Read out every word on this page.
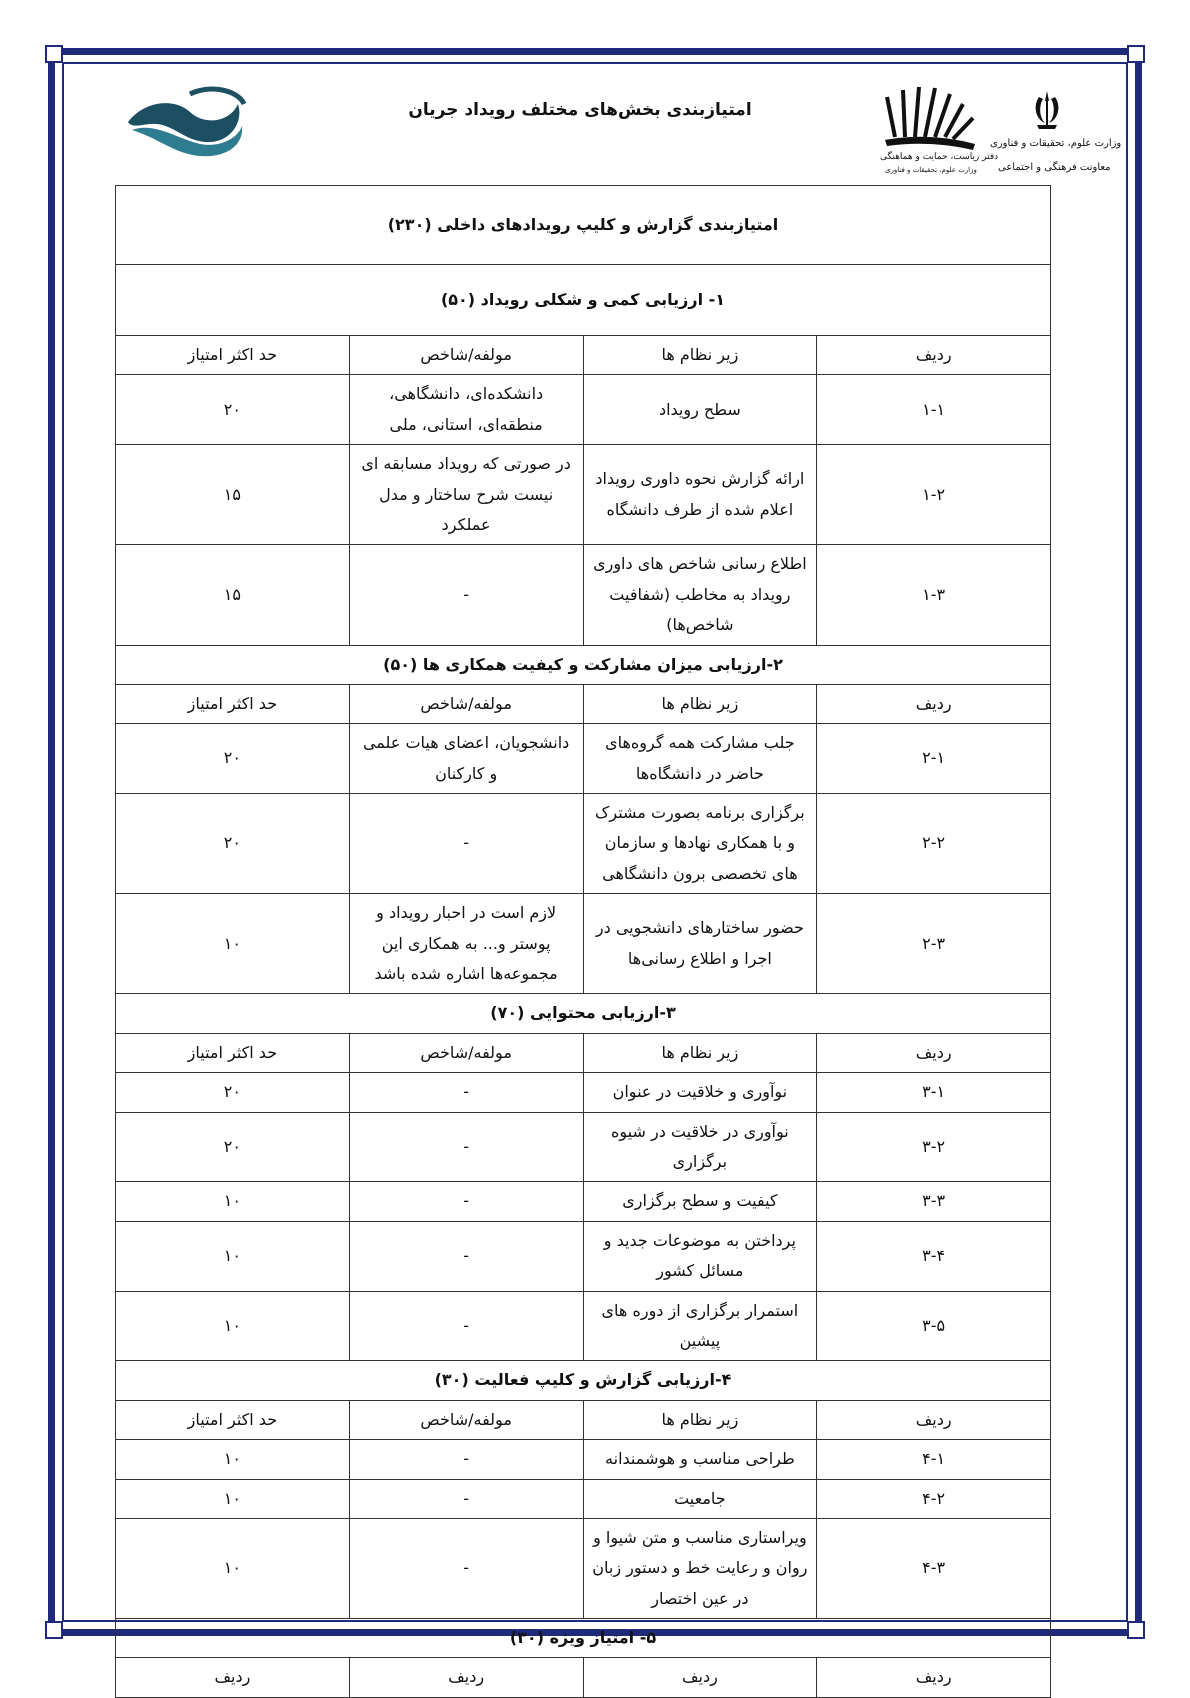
امتیازبندی بخش‌های مختلف رویداد جریان
دفتر ریاست، حمایت و هماهنگی
وزارت علوم، تحقیقات و فناوری
وزارت علوم، تحقیقات و فناوری
معاونت فرهنگی و اجتماعی
امتیازبندی گزارش و کلیپ رویدادهای داخلی (۲۳۰)			
۱- ارزیابی کمی و شکلی رویداد (۵۰)			
ردیف	زیر نظام ها	مولفه/شاخص	حد اکثر امتیاز
۱-۱	سطح رویداد	دانشکده‌ای، دانشگاهی، منطقه‌ای، استانی، ملی	۲۰
۱-۲	ارائه گزارش نحوه داوری رویداد اعلام شده از طرف دانشگاه	در صورتی که رویداد مسابقه ای نیست شرح ساختار و مدل عملکرد	۱۵
۱-۳	اطلاع رسانی شاخص های داوری رویداد به مخاطب (شفافیت شاخص‌ها)	-	۱۵
۲-ارزیابی میزان مشارکت و کیفیت همکاری ها (۵۰)			
ردیف	زیر نظام ها	مولفه/شاخص	حد اکثر امتیاز
۲-۱	جلب مشارکت همه گروه‌های حاضر در دانشگاه‌ها	دانشجویان، اعضای هیات علمی و کارکنان	۲۰
۲-۲	برگزاری برنامه بصورت مشترک و با همکاری نهادها و سازمان های تخصصی برون دانشگاهی	-	۲۰
۲-۳	حضور ساختارهای دانشجویی در اجرا و اطلاع رسانی‌ها	لازم است در احبار رویداد و پوستر و... به همکاری این مجموعه‌ها اشاره شده باشد	۱۰
۳-ارزیابی محتوایی (۷۰)			
ردیف	زیر نظام ها	مولفه/شاخص	حد اکثر امتیاز
۳-۱	نوآوری و خلاقیت در عنوان	-	۲۰
۳-۲	نوآوری در خلاقیت در شیوه برگزاری	-	۲۰
۳-۳	کیفیت و سطح برگزاری	-	۱۰
۳-۴	پرداختن به موضوعات جدید و مسائل کشور	-	۱۰
۳-۵	استمرار برگزاری از دوره های پیشین	-	۱۰
۴-ارزیابی گزارش و کلیپ فعالیت (۳۰)			
ردیف	زیر نظام ها	مولفه/شاخص	حد اکثر امتیاز
۴-۱	طراحی مناسب و هوشمندانه	-	۱۰
۴-۲	جامعیت	-	۱۰
۴-۳	ویراستاری مناسب و متن شیوا و روان و رعایت خط و دستور زبان در عین اختصار	-	۱۰
۵- امتیاز ویژه (۳۰)			
ردیف	ردیف	ردیف	ردیف
